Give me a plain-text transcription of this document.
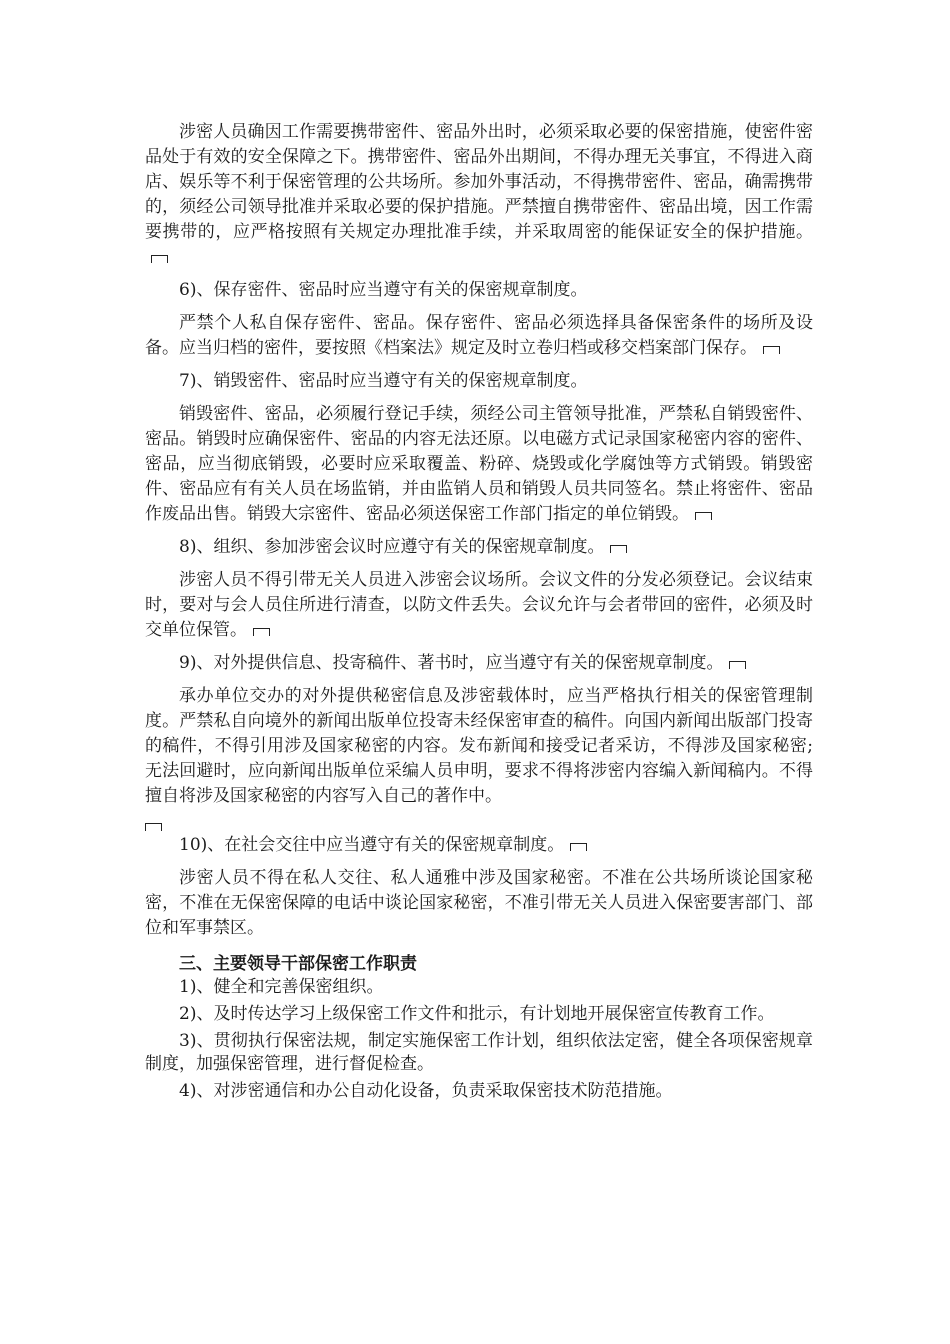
涉密人员确因工作需要携带密件、密品外出时，必须采取必要的保密措施，使密件密品处于有效的安全保障之下。携带密件、密品外出期间，不得办理无关事宜，不得进入商店、娱乐等不利于保密管理的公共场所。参加外事活动，不得携带密件、密品，确需携带的，须经公司领导批准并采取必要的保护措施。严禁擅自携带密件、密品出境，因工作需要携带的，应严格按照有关规定办理批准手续，并采取周密的能保证安全的保护措施。

6)、保存密件、密品时应当遵守有关的保密规章制度。

严禁个人私自保存密件、密品。保存密件、密品必须选择具备保密条件的场所及设备。应当归档的密件，要按照《档案法》规定及时立卷归档或移交档案部门保存。

7)、销毁密件、密品时应当遵守有关的保密规章制度。

销毁密件、密品，必须履行登记手续，须经公司主管领导批准，严禁私自销毁密件、密品。销毁时应确保密件、密品的内容无法还原。以电磁方式记录国家秘密内容的密件、密品，应当彻底销毁，必要时应采取覆盖、粉碎、烧毁或化学腐蚀等方式销毁。销毁密件、密品应有有关人员在场监销，并由监销人员和销毁人员共同签名。禁止将密件、密品作废品出售。销毁大宗密件、密品必须送保密工作部门指定的单位销毁。

8)、组织、参加涉密会议时应遵守有关的保密规章制度。

涉密人员不得引带无关人员进入涉密会议场所。会议文件的分发必须登记。会议结束时，要对与会人员住所进行清查，以防文件丢失。会议允许与会者带回的密件，必须及时交单位保管。

9)、对外提供信息、投寄稿件、著书时，应当遵守有关的保密规章制度。

承办单位交办的对外提供秘密信息及涉密载体时，应当严格执行相关的保密管理制度。严禁私自向境外的新闻出版单位投寄未经保密审查的稿件。向国内新闻出版部门投寄的稿件，不得引用涉及国家秘密的内容。发布新闻和接受记者采访，不得涉及国家秘密;无法回避时，应向新闻出版单位采编人员申明，要求不得将涉密内容编入新闻稿内。不得擅自将涉及国家秘密的内容写入自己的著作中。

10)、在社会交往中应当遵守有关的保密规章制度。

涉密人员不得在私人交往、私人通雅中涉及国家秘密。不准在公共场所谈论国家秘密，不准在无保密保障的电话中谈论国家秘密，不准引带无关人员进入保密要害部门、部位和军事禁区。

三、主要领导干部保密工作职责

1)、健全和完善保密组织。

2)、及时传达学习上级保密工作文件和批示，有计划地开展保密宣传教育工作。

3)、贯彻执行保密法规，制定实施保密工作计划，组织依法定密，健全各项保密规章制度，加强保密管理，进行督促检查。

4)、对涉密通信和办公自动化设备，负责采取保密技术防范措施。
